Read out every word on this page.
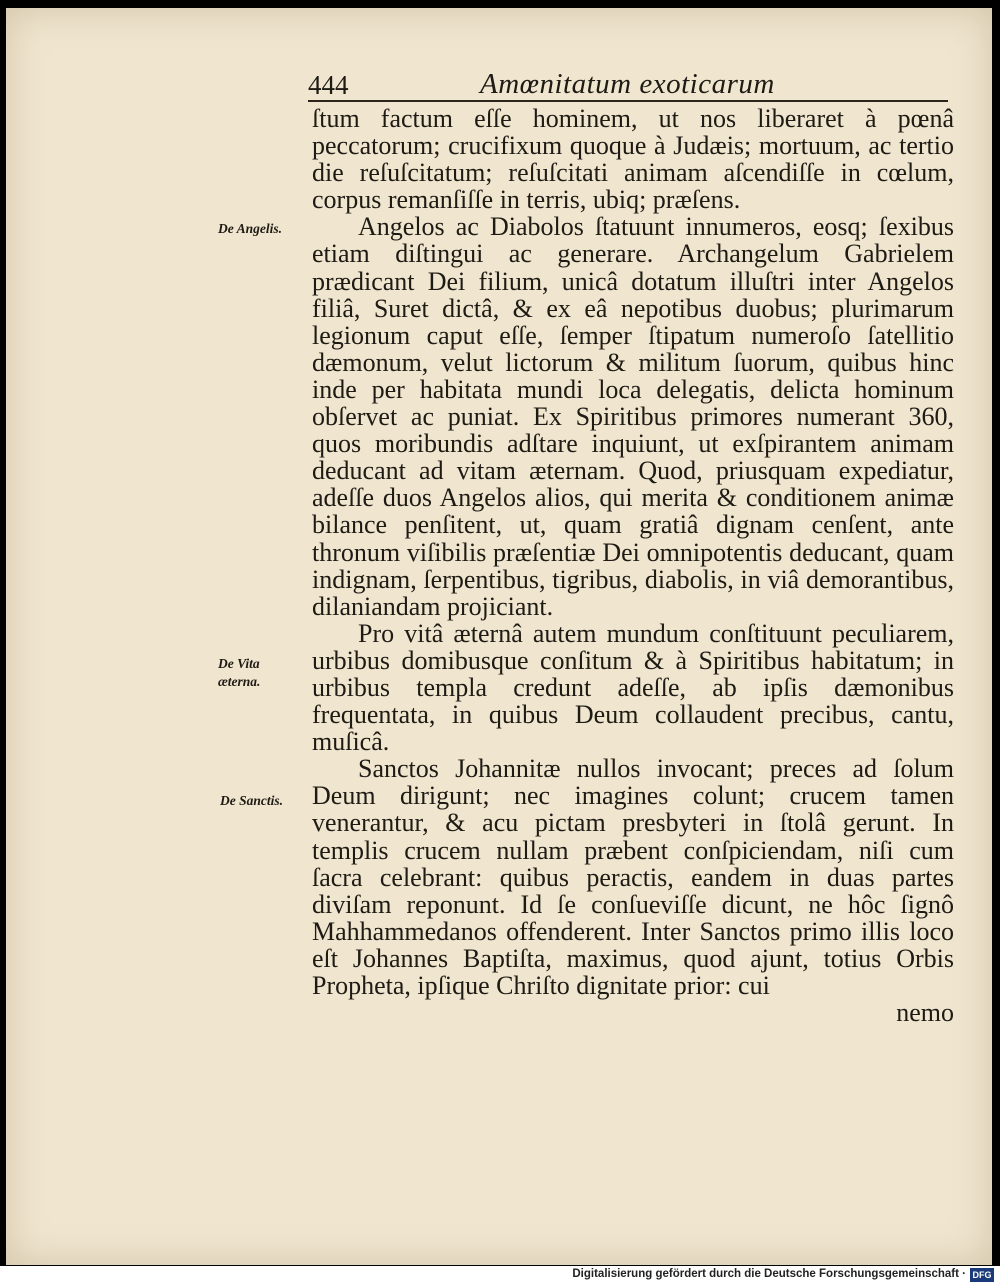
444	Amœnitatum exoticarum
De Angelis.
De Vita æterna.
De Sanctis.

ſtum factum eſſe hominem, ut nos liberaret à pœnâ peccatorum; crucifixum quoque à Judæis; mortuum, ac tertio die reſuſcitatum; reſuſcitati animam aſcendiſſe in cœlum, corpus remanſiſſe in terris, ubiq; præſens.

Angelos ac Diabolos ſtatuunt innumeros, eosq; ſexibus etiam diſtingui ac generare. Archangelum Gabrielem prædicant Dei filium, unicâ dotatum illuſtri inter Angelos filiâ, Suret dictâ, & ex eâ nepotibus duobus; plurimarum legionum caput eſſe, ſemper ſtipatum numeroſo ſatellitio dæmonum, velut lictorum & militum ſuorum, quibus hinc inde per habitata mundi loca delegatis, delicta hominum obſervet ac puniat. Ex Spiritibus primores numerant 360, quos moribundis adſtare inquiunt, ut exſpirantem animam deducant ad vitam æternam. Quod, priusquam expediatur, adeſſe duos Angelos alios, qui merita & conditionem animæ bilance penſitent, ut, quam gratiâ dignam cenſent, ante thronum viſibilis præſentiæ Dei omnipotentis deducant, quam indignam, ſerpentibus, tigribus, diabolis, in viâ demorantibus, dilaniandam projiciant.

Pro vitâ æternâ autem mundum conſtituunt peculiarem, urbibus domibusque conſitum & à Spiritibus habitatum; in urbibus templa credunt adeſſe, ab ipſis dæmonibus frequentata, in quibus Deum collaudent precibus, cantu, muſicâ.

Sanctos Johannitæ nullos invocant; preces ad ſolum Deum dirigunt; nec imagines colunt; crucem tamen venerantur, & acu pictam presbyteri in ſtolâ gerunt. In templis crucem nullam præbent conſpiciendam, niſi cum ſacra celebrant: quibus peractis, eandem in duas partes diviſam reponunt. Id ſe conſueviſſe dicunt, ne hôc ſignô Mahhammedanos offenderent. Inter Sanctos primo illis loco eſt Johannes Baptiſta, maximus, quod ajunt, totius Orbis Propheta, ipſique Chriſto dignitate prior: cui

nemo
Digitalisierung gefördert durch die Deutsche Forschungsgemeinschaft · DFG
